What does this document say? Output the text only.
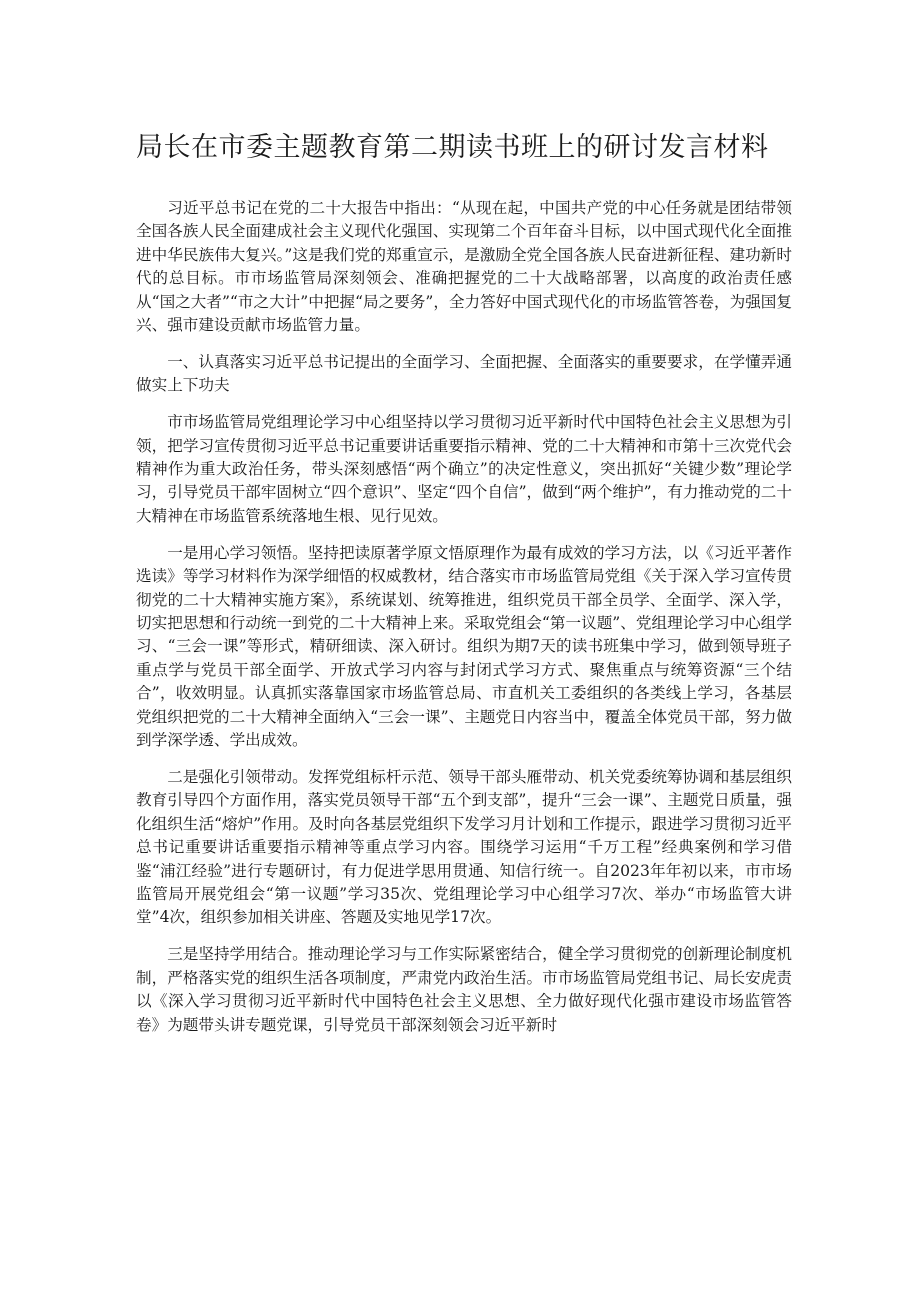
局长在市委主题教育第二期读书班上的研讨发言材料

习近平总书记在党的二十大报告中指出：“从现在起，中国共产党的中心任务就是团结带领全国各族人民全面建成社会主义现代化强国、实现第二个百年奋斗目标，以中国式现代化全面推进中华民族伟大复兴。”这是我们党的郑重宣示，是激励全党全国各族人民奋进新征程、建功新时代的总目标。市市场监管局深刻领会、准确把握党的二十大战略部署，以高度的政治责任感从“国之大者”“市之大计”中把握“局之要务”，全力答好中国式现代化的市场监管答卷，为强国复兴、强市建设贡献市场监管力量。

一、认真落实习近平总书记提出的全面学习、全面把握、全面落实的重要要求，在学懂弄通做实上下功夫

市市场监管局党组理论学习中心组坚持以学习贯彻习近平新时代中国特色社会主义思想为引领，把学习宣传贯彻习近平总书记重要讲话重要指示精神、党的二十大精神和市第十三次党代会精神作为重大政治任务，带头深刻感悟“两个确立”的决定性意义，突出抓好“关键少数”理论学习，引导党员干部牢固树立“四个意识”、坚定“四个自信”，做到“两个维护”，有力推动党的二十大精神在市场监管系统落地生根、见行见效。

一是用心学习领悟。坚持把读原著学原文悟原理作为最有成效的学习方法，以《习近平著作选读》等学习材料作为深学细悟的权威教材，结合落实市市场监管局党组《关于深入学习宣传贯彻党的二十大精神实施方案》，系统谋划、统筹推进，组织党员干部全员学、全面学、深入学，切实把思想和行动统一到党的二十大精神上来。采取党组会“第一议题”、党组理论学习中心组学习、“三会一课”等形式，精研细读、深入研讨。组织为期7天的读书班集中学习，做到领导班子重点学与党员干部全面学、开放式学习内容与封闭式学习方式、聚焦重点与统筹资源“三个结合”，收效明显。认真抓实落靠国家市场监管总局、市直机关工委组织的各类线上学习，各基层党组织把党的二十大精神全面纳入“三会一课”、主题党日内容当中，覆盖全体党员干部，努力做到学深学透、学出成效。

二是强化引领带动。发挥党组标杆示范、领导干部头雁带动、机关党委统筹协调和基层组织教育引导四个方面作用，落实党员领导干部“五个到支部”，提升“三会一课”、主题党日质量，强化组织生活“熔炉”作用。及时向各基层党组织下发学习月计划和工作提示，跟进学习贯彻习近平总书记重要讲话重要指示精神等重点学习内容。围绕学习运用“千万工程”经典案例和学习借鉴“浦江经验”进行专题研讨，有力促进学思用贯通、知信行统一。自2023年年初以来，市市场监管局开展党组会“第一议题”学习35次、党组理论学习中心组学习7次、举办“市场监管大讲堂”4次，组织参加相关讲座、答题及实地见学17次。

三是坚持学用结合。推动理论学习与工作实际紧密结合，健全学习贯彻党的创新理论制度机制，严格落实党的组织生活各项制度，严肃党内政治生活。市市场监管局党组书记、局长安虎责以《深入学习贯彻习近平新时代中国特色社会主义思想、全力做好现代化强市建设市场监管答卷》为题带头讲专题党课，引导党员干部深刻领会习近平新时
